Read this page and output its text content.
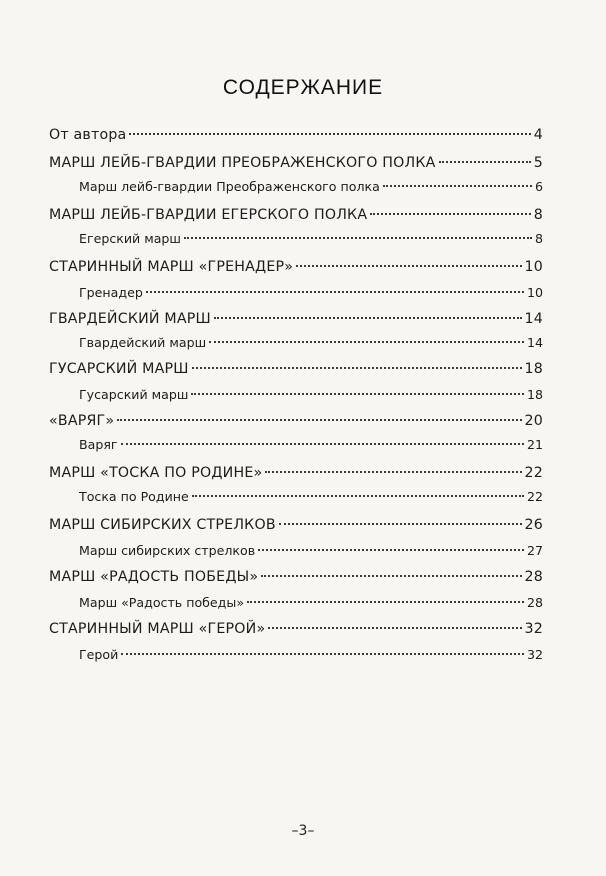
СОДЕРЖАНИЕ
От автора	4
МАРШ ЛЕЙБ-ГВАРДИИ ПРЕОБРАЖЕНСКОГО ПОЛКА	5
Марш лейб-гвардии Преображенского полка	6
МАРШ ЛЕЙБ-ГВАРДИИ ЕГЕРСКОГО ПОЛКА	8
Егерский марш	8
СТАРИННЫЙ МАРШ «ГРЕНАДЕР»	10
Гренадер	10
ГВАРДЕЙСКИЙ МАРШ	14
Гвардейский марш	14
ГУСАРСКИЙ МАРШ	18
Гусарский марш	18
«ВАРЯГ»	20
Варяг	21
МАРШ «ТОСКА ПО РОДИНЕ»	22
Тоска по Родине	22
МАРШ СИБИРСКИХ СТРЕЛКОВ	26
Марш сибирских стрелков	27
МАРШ «РАДОСТЬ ПОБЕДЫ»	28
Марш «Радость победы»	28
СТАРИННЫЙ МАРШ «ГЕРОЙ»	32
Герой	32
–3–
